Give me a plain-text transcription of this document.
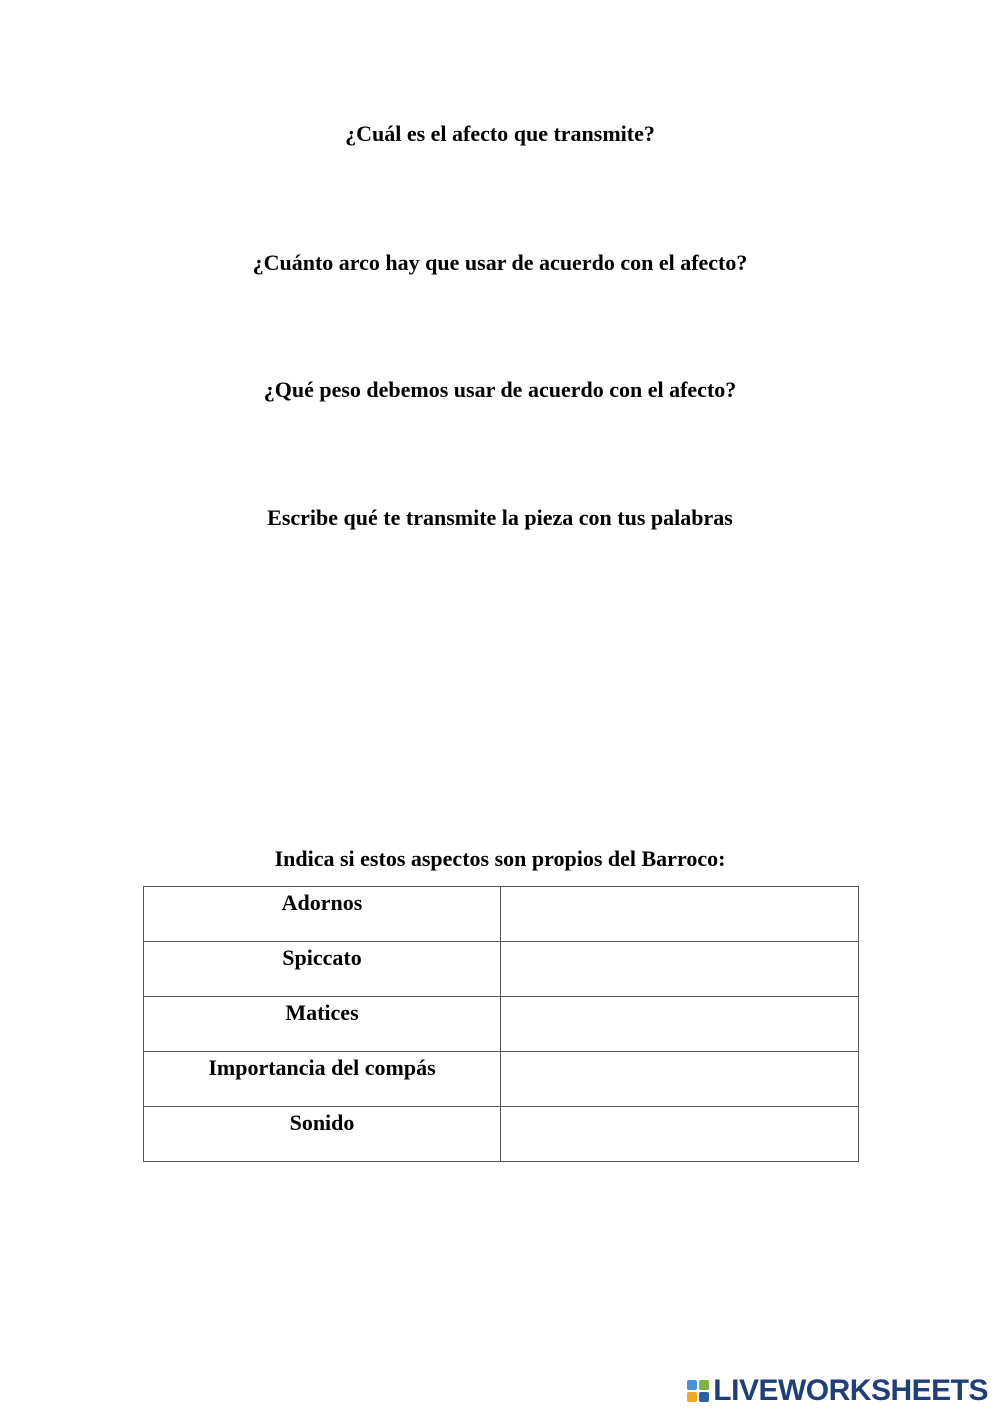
¿Cuál es el afecto que transmite?

¿Cuánto arco hay que usar de acuerdo con el afecto?

¿Qué peso debemos usar de acuerdo con el afecto?

Escribe qué te transmite la pieza con tus palabras

Indica si estos aspectos son propios del Barroco:

Adornos	
Spiccato	
Matices	
Importancia del compás	
Sonido	
LIVEWORKSHEETS
